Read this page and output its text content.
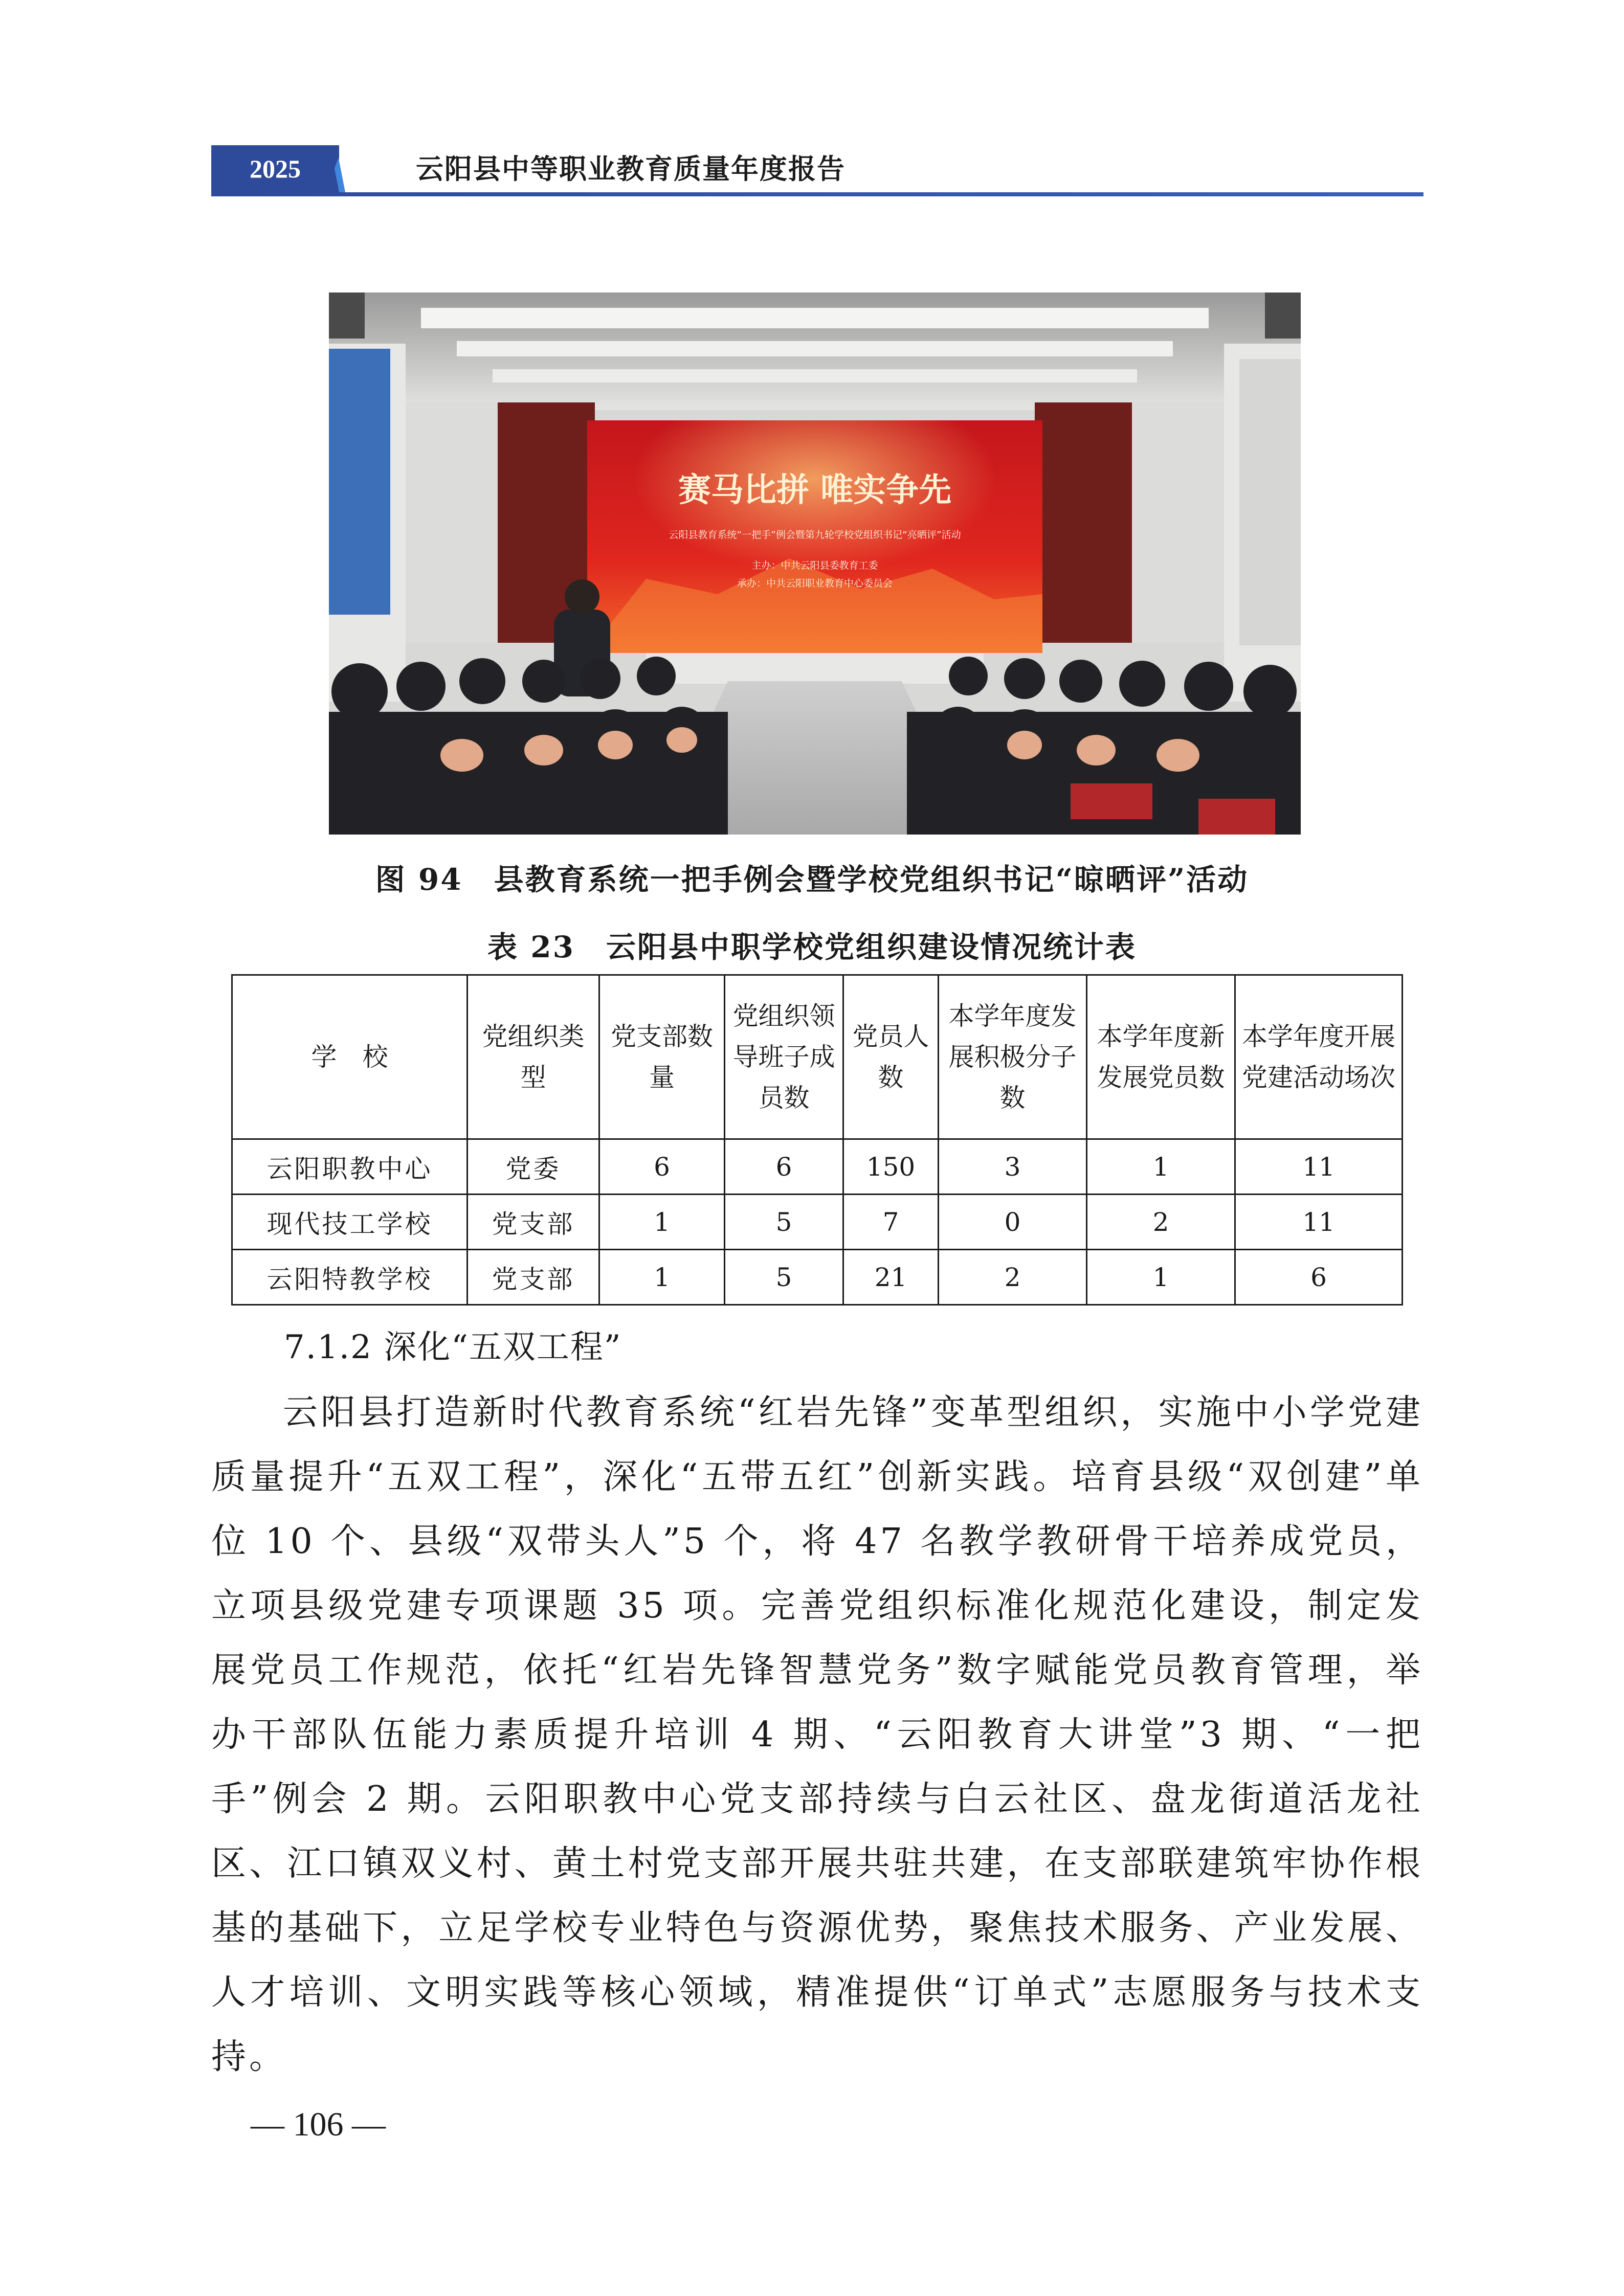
2025	云阳县中等职业教育质量年度报告
赛马比拼 唯实争先
云阳县教育系统“一把手”例会暨第九轮学校党组织书记“亮晒评”活动
主办：中共云阳县委教育工委
承办：中共云阳职业教育中心委员会
图 94　县教育系统一把手例会暨学校党组织书记“晾晒评”活动
表 23　云阳县中职学校党组织建设情况统计表
学　校	党组织类型	党支部数量	党组织领导班子成员数	党员人数	本学年度发展积极分子数	本学年度新发展党员数	本学年度开展党建活动场次
云阳职教中心	党委	6	6	150	3	1	11
现代技工学校	党支部	1	5	7	0	2	11
云阳特教学校	党支部	1	5	21	2	1	6
7.1.2 深化“五双工程”
云阳县打造新时代教育系统“红岩先锋”变革型组织，实施中小学党建质量提升“五双工程”，深化“五带五红”创新实践。培育县级“双创建”单位 10 个、县级“双带头人”5 个，将 47 名教学教研骨干培养成党员，立项县级党建专项课题 35 项。完善党组织标准化规范化建设，制定发展党员工作规范，依托“红岩先锋智慧党务”数字赋能党员教育管理，举办干部队伍能力素质提升培训 4 期、“云阳教育大讲堂”3 期、“一把手”例会 2 期。云阳职教中心党支部持续与白云社区、盘龙街道活龙社区、江口镇双义村、黄土村党支部开展共驻共建，在支部联建筑牢协作根基的基础下，立足学校专业特色与资源优势，聚焦技术服务、产业发展、人才培训、文明实践等核心领域，精准提供“订单式”志愿服务与技术支持。
— 106 —
